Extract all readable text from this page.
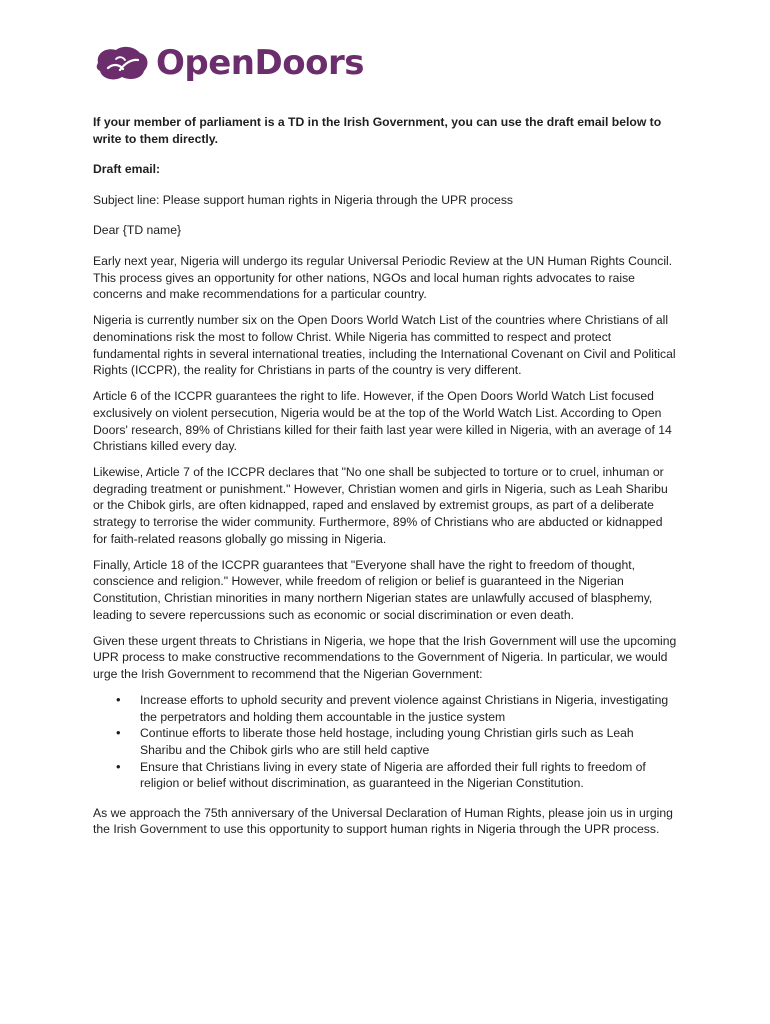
OpenDoors

If your member of parliament is a TD in the Irish Government, you can use the draft email below to write to them directly.

Draft email:

Subject line: Please support human rights in Nigeria through the UPR process

Dear {TD name}

Early next year, Nigeria will undergo its regular Universal Periodic Review at the UN Human Rights Council. This process gives an opportunity for other nations, NGOs and local human rights advocates to raise concerns and make recommendations for a particular country.

Nigeria is currently number six on the Open Doors World Watch List of the countries where Christians of all denominations risk the most to follow Christ. While Nigeria has committed to respect and protect fundamental rights in several international treaties, including the International Covenant on Civil and Political Rights (ICCPR), the reality for Christians in parts of the country is very different.

Article 6 of the ICCPR guarantees the right to life. However, if the Open Doors World Watch List focused exclusively on violent persecution, Nigeria would be at the top of the World Watch List. According to Open Doors' research, 89% of Christians killed for their faith last year were killed in Nigeria, with an average of 14 Christians killed every day.

Likewise, Article 7 of the ICCPR declares that "No one shall be subjected to torture or to cruel, inhuman or degrading treatment or punishment." However, Christian women and girls in Nigeria, such as Leah Sharibu or the Chibok girls, are often kidnapped, raped and enslaved by extremist groups, as part of a deliberate strategy to terrorise the wider community. Furthermore, 89% of Christians who are abducted or kidnapped for faith-related reasons globally go missing in Nigeria.

Finally, Article 18 of the ICCPR guarantees that "Everyone shall have the right to freedom of thought, conscience and religion." However, while freedom of religion or belief is guaranteed in the Nigerian Constitution, Christian minorities in many northern Nigerian states are unlawfully accused of blasphemy, leading to severe repercussions such as economic or social discrimination or even death.

Given these urgent threats to Christians in Nigeria, we hope that the Irish Government will use the upcoming UPR process to make constructive recommendations to the Government of Nigeria. In particular, we would urge the Irish Government to recommend that the Nigerian Government:

• Increase efforts to uphold security and prevent violence against Christians in Nigeria, investigating the perpetrators and holding them accountable in the justice system
• Continue efforts to liberate those held hostage, including young Christian girls such as Leah Sharibu and the Chibok girls who are still held captive
• Ensure that Christians living in every state of Nigeria are afforded their full rights to freedom of religion or belief without discrimination, as guaranteed in the Nigerian Constitution.

As we approach the 75th anniversary of the Universal Declaration of Human Rights, please join us in urging the Irish Government to use this opportunity to support human rights in Nigeria through the UPR process.
